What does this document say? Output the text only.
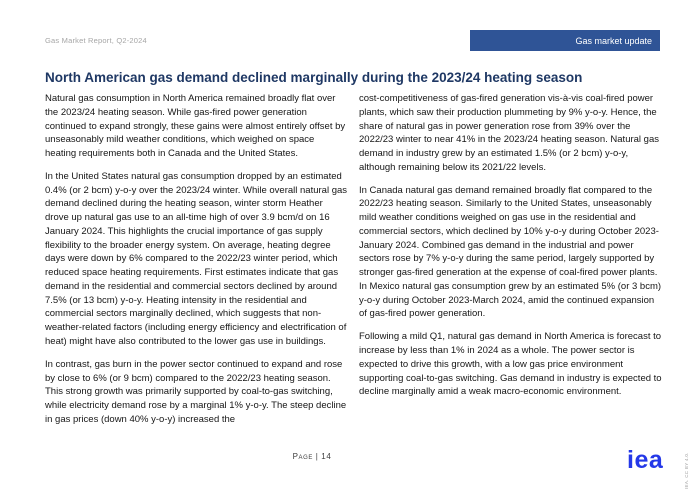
Gas Market Report, Q2-2024	Gas market update
North American gas demand declined marginally during the 2023/24 heating season

Natural gas consumption in North America remained broadly flat over the 2023/24 heating season. While gas-fired power generation continued to expand strongly, these gains were almost entirely offset by unseasonably mild weather conditions, which weighed on space heating requirements both in Canada and the United States.

In the United States natural gas consumption dropped by an estimated 0.4% (or 2 bcm) y-o-y over the 2023/24 winter. While overall natural gas demand declined during the heating season, winter storm Heather drove up natural gas use to an all-time high of over 3.9 bcm/d on 16 January 2024. This highlights the crucial importance of gas supply flexibility to the broader energy system. On average, heating degree days were down by 6% compared to the 2022/23 winter period, which reduced space heating requirements. First estimates indicate that gas demand in the residential and commercial sectors declined by around 7.5% (or 13 bcm) y-o-y. Heating intensity in the residential and commercial sectors marginally declined, which suggests that non-weather-related factors (including energy efficiency and electrification of heat) might have also contributed to the lower gas use in buildings.

In contrast, gas burn in the power sector continued to expand and rose by close to 6% (or 9 bcm) compared to the 2022/23 heating season. This strong growth was primarily supported by coal-to-gas switching, while electricity demand rose by a marginal 1% y-o-y. The steep decline in gas prices (down 40% y-o-y) increased the

cost-competitiveness of gas-fired generation vis-à-vis coal-fired power plants, which saw their production plummeting by 9% y-o-y. Hence, the share of natural gas in power generation rose from 39% over the 2022/23 winter to near 41% in the 2023/24 heating season. Natural gas demand in industry grew by an estimated 1.5% (or 2 bcm) y-o-y, although remaining below its 2021/22 levels.

In Canada natural gas demand remained broadly flat compared to the 2022/23 heating season. Similarly to the United States, unseasonably mild weather conditions weighed on gas use in the residential and commercial sectors, which declined by 10% y-o-y during October 2023-January 2024. Combined gas demand in the industrial and power sectors rose by 7% y-o-y during the same period, largely supported by stronger gas-fired generation at the expense of coal-fired power plants. In Mexico natural gas consumption grew by an estimated 5% (or 3 bcm) y-o-y during October 2023-March 2024, amid the continued expansion of gas-fired power generation.

Following a mild Q1, natural gas demand in North America is forecast to increase by less than 1% in 2024 as a whole. The power sector is expected to drive this growth, with a low gas price environment supporting coal-to-gas switching. Gas demand in industry is expected to decline marginally amid a weak macro-economic environment.

Page | 14	iea	IEA. CC BY 4.0.
